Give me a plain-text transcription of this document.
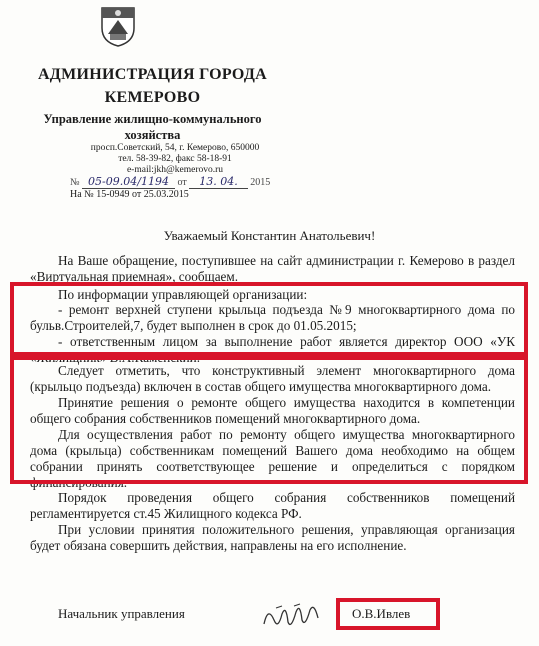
АДМИНИСТРАЦИЯ ГОРОДА
КЕМЕРОВО
Управление жилищно-коммунального
хозяйства
просп.Советский, 54, г. Кемерово, 650000
тел. 58-39-82, факс 58-18-91
e-mail:jkh@kemerovo.ru
№ 05-09.04/1194 от 13. 04. 2015
На № 15-0949 от 25.03.2015
Уважаемый Константин Анатольевич!
На Ваше обращение, поступившее на сайт администрации г. Кемерово в раздел «Виртуальная приемная», сообщаем.
По информации управляющей организации:
- ремонт верхней ступени крыльца подъезда №9 многоквартирного дома по бульв.Строителей,7, будет выполнен в срок до 01.05.2015;
- ответственным лицом за выполнение работ является директор ООО «УК «Жилищник» В.А.Каменский.
Следует отметить, что конструктивный элемент многоквартирного дома (крыльцо подъезда) включен в состав общего имущества многоквартирного дома.
Принятие решения о ремонте общего имущества находится в компетенции общего собрания собственников помещений многоквартирного дома.
Для осуществления работ по ремонту общего имущества многоквартирного дома (крыльца) собственникам помещений Вашего дома необходимо на общем собрании принять соответствующее решение и определиться с порядком финансирования.
Порядок проведения общего собрания собственников помещений регламентируется ст.45 Жилищного кодекса РФ.
При условии принятия положительного решения, управляющая организация будет обязана совершить действия, направлены на его исполнение.
Начальник управления	О.В.Ивлев
